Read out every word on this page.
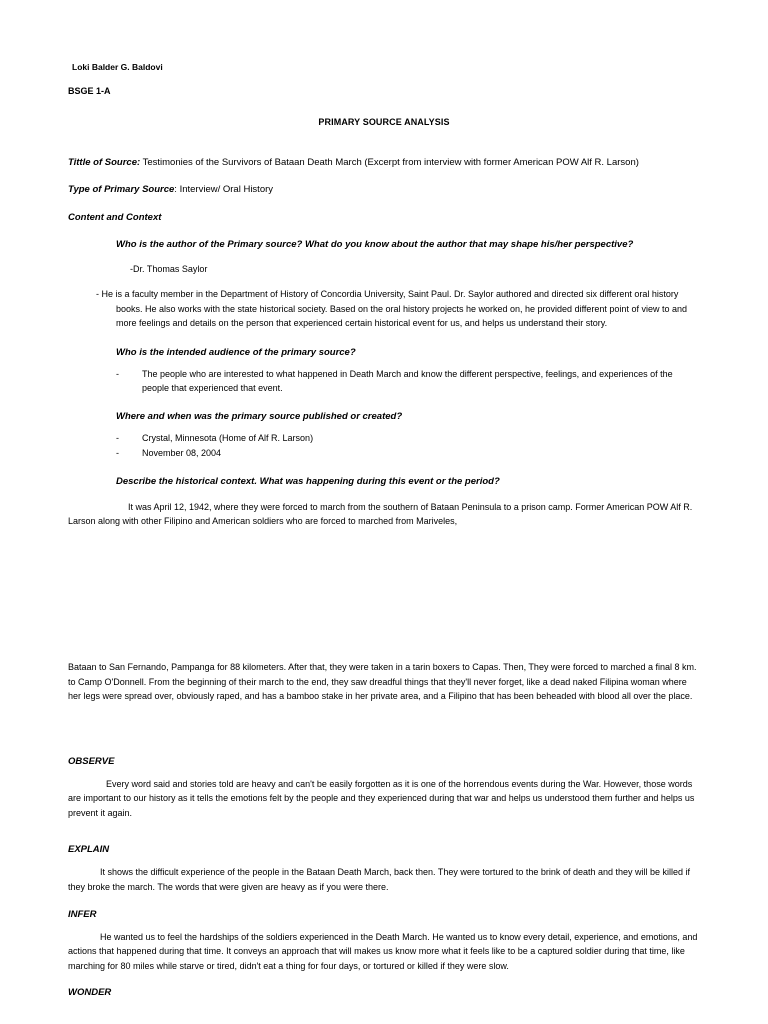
Loki Balder G. Baldovi
BSGE 1-A
PRIMARY SOURCE ANALYSIS
Tittle of Source: Testimonies of the Survivors of Bataan Death March (Excerpt from interview with former American POW Alf R. Larson)
Type of Primary Source: Interview/ Oral History
Content and Context
Who is the author of the Primary source? What do you know about the author that may shape his/her perspective?
-Dr. Thomas Saylor
- He is a faculty member in the Department of History of Concordia University, Saint Paul. Dr. Saylor authored and directed six different oral history books. He also works with the state historical society. Based on the oral history projects he worked on, he provided different point of view to and more feelings and details on the person that experienced certain historical event for us, and helps us understand their story.
Who is the intended audience of the primary source?
-	The people who are interested to what happened in Death March and know the different perspective, feelings, and experiences of the people that experienced that event.
Where and when was the primary source published or created?
-	Crystal, Minnesota (Home of Alf R. Larson)
-	November 08, 2004
Describe the historical context. What was happening during this event or the period?
It was April 12, 1942, where they were forced to march from the southern of Bataan Peninsula to a prison camp. Former American POW Alf R. Larson along with other Filipino and American soldiers who are forced to marched from Mariveles,
Bataan to San Fernando, Pampanga for 88 kilometers. After that, they were taken in a tarin boxers to Capas. Then, They were forced to marched a final 8 km. to Camp O'Donnell. From the beginning of their march to the end, they saw dreadful things that they'll never forget, like a dead naked Filipina woman where her legs were spread over, obviously raped, and has a bamboo stake in her private area, and a Filipino that has been beheaded with blood all over the place.
OBSERVE
Every word said and stories told are heavy and can't be easily forgotten as it is one of the horrendous events during the War. However, those words are important to our history as it tells the emotions felt by the people and they experienced during that war and helps us understood them further and helps us prevent it again.
EXPLAIN
It shows the difficult experience of the people in the Bataan Death March, back then. They were tortured to the brink of death and they will be killed if they broke the march. The words that were given are heavy as if you were there.
INFER
He wanted us to feel the hardships of the soldiers experienced in the Death March. He wanted us to know every detail, experience, and emotions, and actions that happened during that time. It conveys an approach that will makes us know more what it feels like to be a captured soldier during that time, like marching for 80 miles while starve or tired, didn't eat a thing for four days, or tortured or killed if they were slow.
WONDER
